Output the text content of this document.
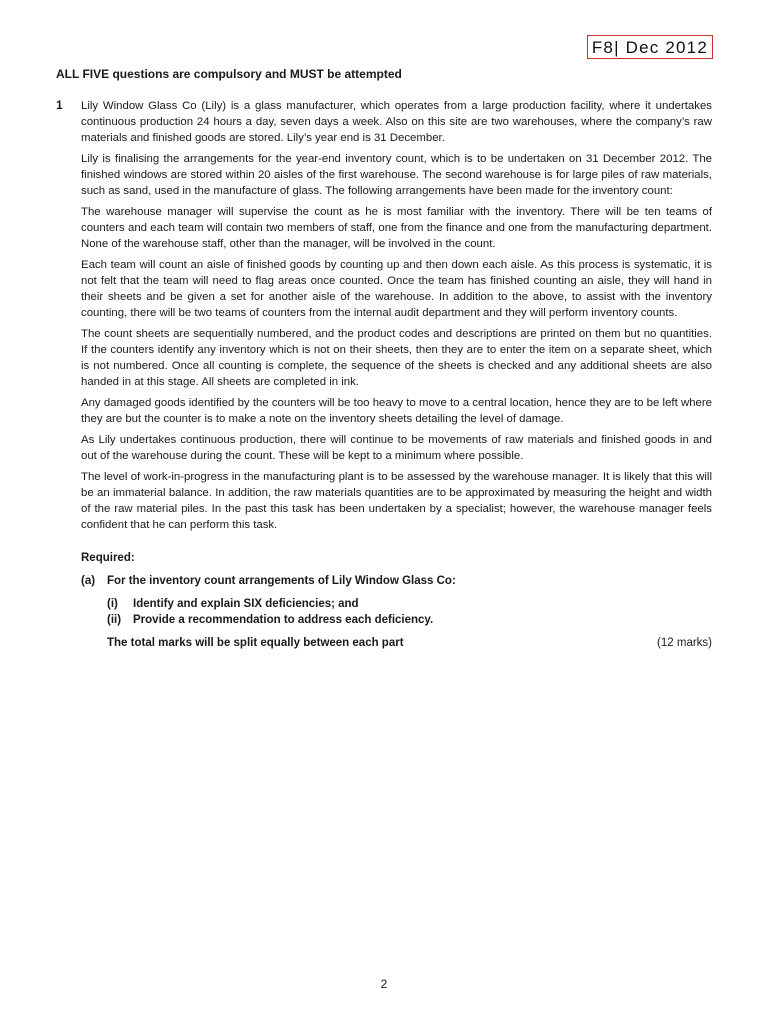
F8| Dec 2012
ALL FIVE questions are compulsory and MUST be attempted
1 Lily Window Glass Co (Lily) is a glass manufacturer, which operates from a large production facility, where it undertakes continuous production 24 hours a day, seven days a week. Also on this site are two warehouses, where the company’s raw materials and finished goods are stored. Lily’s year end is 31 December.

Lily is finalising the arrangements for the year-end inventory count, which is to be undertaken on 31 December 2012. The finished windows are stored within 20 aisles of the first warehouse. The second warehouse is for large piles of raw materials, such as sand, used in the manufacture of glass. The following arrangements have been made for the inventory count:

The warehouse manager will supervise the count as he is most familiar with the inventory. There will be ten teams of counters and each team will contain two members of staff, one from the finance and one from the manufacturing department. None of the warehouse staff, other than the manager, will be involved in the count.

Each team will count an aisle of finished goods by counting up and then down each aisle. As this process is systematic, it is not felt that the team will need to flag areas once counted. Once the team has finished counting an aisle, they will hand in their sheets and be given a set for another aisle of the warehouse. In addition to the above, to assist with the inventory counting, there will be two teams of counters from the internal audit department and they will perform inventory counts.

The count sheets are sequentially numbered, and the product codes and descriptions are printed on them but no quantities. If the counters identify any inventory which is not on their sheets, then they are to enter the item on a separate sheet, which is not numbered. Once all counting is complete, the sequence of the sheets is checked and any additional sheets are also handed in at this stage. All sheets are completed in ink.

Any damaged goods identified by the counters will be too heavy to move to a central location, hence they are to be left where they are but the counter is to make a note on the inventory sheets detailing the level of damage.

As Lily undertakes continuous production, there will continue to be movements of raw materials and finished goods in and out of the warehouse during the count. These will be kept to a minimum where possible.

The level of work-in-progress in the manufacturing plant is to be assessed by the warehouse manager. It is likely that this will be an immaterial balance. In addition, the raw materials quantities are to be approximated by measuring the height and width of the raw material piles. In the past this task has been undertaken by a specialist; however, the warehouse manager feels confident that he can perform this task.

Required:
(a)	For the inventory count arrangements of Lily Window Glass Co:
(i)	Identify and explain SIX deficiencies; and
(ii)	Provide a recommendation to address each deficiency.
The total marks will be split equally between each part	(12 marks)
2
